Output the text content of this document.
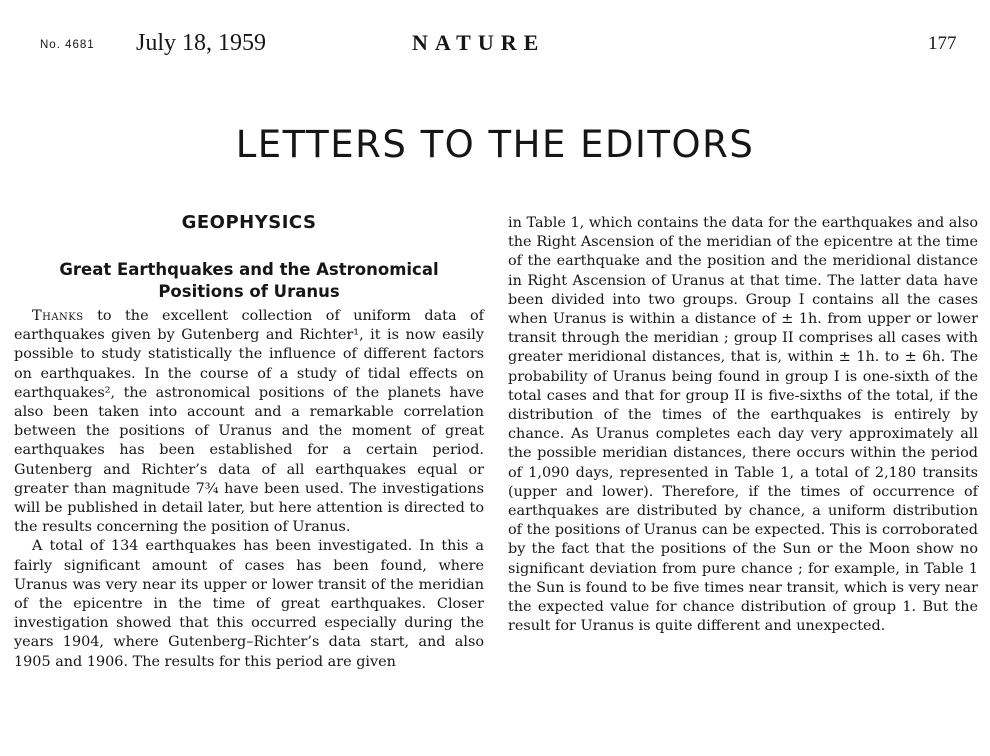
No. 4681 July 18, 1959	NATURE	177
LETTERS TO THE EDITORS
GEOPHYSICS
Great Earthquakes and the Astronomical
Positions of Uranus

Thanks to the excellent collection of uniform data of earthquakes given by Gutenberg and Richter¹, it is now easily possible to study statistically the influence of different factors on earthquakes. In the course of a study of tidal effects on earthquakes², the astronomical positions of the planets have also been taken into account and a remarkable correlation between the positions of Uranus and the moment of great earthquakes has been established for a certain period. Gutenberg and Richter’s data of all earthquakes equal or greater than magnitude 7¾ have been used. The investigations will be published in detail later, but here attention is directed to the results concerning the position of Uranus.

A total of 134 earthquakes has been investigated. In this a fairly significant amount of cases has been found, where Uranus was very near its upper or lower transit of the meridian of the epicentre in the time of great earthquakes. Closer investigation showed that this occurred especially during the years 1904, where Gutenberg–Richter’s data start, and also 1905 and 1906. The results for this period are given

in Table 1, which contains the data for the earthquakes and also the Right Ascension of the meridian of the epicentre at the time of the earthquake and the position and the meridional distance in Right Ascension of Uranus at that time. The latter data have been divided into two groups. Group I contains all the cases when Uranus is within a distance of ± 1h. from upper or lower transit through the meridian ; group II comprises all cases with greater meridional distances, that is, within ± 1h. to ± 6h. The probability of Uranus being found in group I is one-sixth of the total cases and that for group II is five-sixths of the total, if the distribution of the times of the earthquakes is entirely by chance. As Uranus completes each day very approximately all the possible meridian distances, there occurs within the period of 1,090 days, represented in Table 1, a total of 2,180 transits (upper and lower). Therefore, if the times of occurrence of earthquakes are distributed by chance, a uniform distribution of the positions of Uranus can be expected. This is corroborated by the fact that the positions of the Sun or the Moon show no significant deviation from pure chance ; for example, in Table 1 the Sun is found to be five times near transit, which is very near the expected value for chance distribution of group 1. But the result for Uranus is quite different and unexpected.
